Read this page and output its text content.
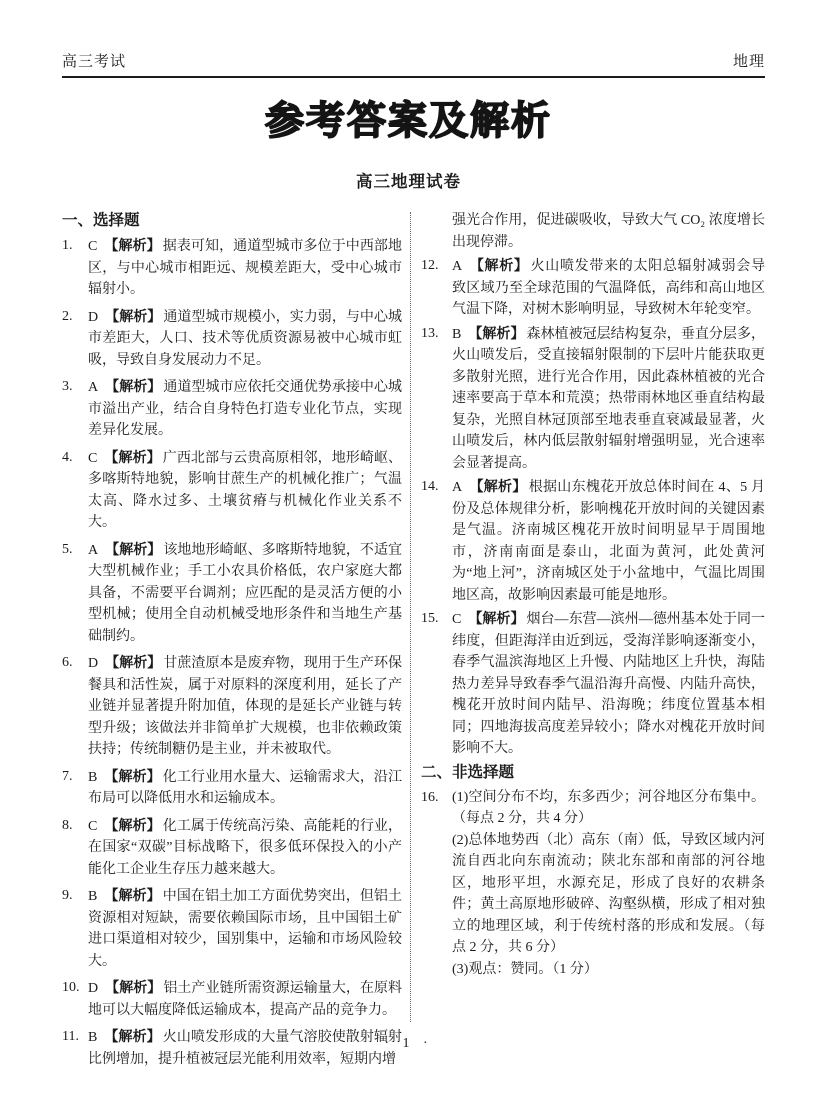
高三考试	地理
参考答案及解析
高三地理试卷
一、选择题
1.	C 【解析】 据表可知，通道型城市多位于中西部地区，与中心城市相距远、规模差距大，受中心城市辐射小。
2.	D 【解析】 通道型城市规模小，实力弱，与中心城市差距大，人口、技术等优质资源易被中心城市虹吸，导致自身发展动力不足。
3.	A 【解析】 通道型城市应依托交通优势承接中心城市溢出产业，结合自身特色打造专业化节点，实现差异化发展。
4.	C 【解析】 广西北部与云贵高原相邻，地形崎岖、多喀斯特地貌，影响甘蔗生产的机械化推广；气温太高、降水过多、土壤贫瘠与机械化作业关系不大。
5.	A 【解析】 该地地形崎岖、多喀斯特地貌，不适宜大型机械作业；手工小农具价格低，农户家庭大都具备，不需要平台调剂；应匹配的是灵活方便的小型机械；使用全自动机械受地形条件和当地生产基础制约。
6.	D 【解析】 甘蔗渣原本是废弃物，现用于生产环保餐具和活性炭，属于对原料的深度利用，延长了产业链并显著提升附加值，体现的是延长产业链与转型升级；该做法并非简单扩大规模，也非依赖政策扶持；传统制糖仍是主业，并未被取代。
7.	B 【解析】 化工行业用水量大、运输需求大，沿江布局可以降低用水和运输成本。
8.	C 【解析】 化工属于传统高污染、高能耗的行业，在国家“双碳”目标战略下，很多低环保投入的小产能化工企业生存压力越来越大。
9.	B 【解析】 中国在铝土加工方面优势突出，但铝土资源相对短缺，需要依赖国际市场，且中国铝土矿进口渠道相对较少，国别集中，运输和市场风险较大。
10. D 【解析】 铝土产业链所需资源运输量大，在原料地可以大幅度降低运输成本，提高产品的竞争力。
11. B 【解析】 火山喷发形成的大量气溶胶使散射辐射比例增加，提升植被冠层光能利用效率，短期内增
强光合作用，促进碳吸收，导致大气 CO₂ 浓度增长出现停滞。
12. A 【解析】 火山喷发带来的太阳总辐射减弱会导致区域乃至全球范围的气温降低，高纬和高山地区气温下降，对树木影响明显，导致树木年轮变窄。
13. B 【解析】 森林植被冠层结构复杂，垂直分层多，火山喷发后，受直接辐射限制的下层叶片能获取更多散射光照，进行光合作用，因此森林植被的光合速率要高于草本和荒漠；热带雨林地区垂直结构最复杂，光照自林冠顶部至地表垂直衰减最显著，火山喷发后，林内低层散射辐射增强明显，光合速率会显著提高。
14. A 【解析】 根据山东槐花开放总体时间在 4、5 月份及总体规律分析，影响槐花开放时间的关键因素是气温。济南城区槐花开放时间明显早于周围地市，济南南面是泰山，北面为黄河，此处黄河为“地上河”，济南城区处于小盆地中，气温比周围地区高，故影响因素最可能是地形。
15. C 【解析】 烟台—东营—滨州—德州基本处于同一纬度，但距海洋由近到远，受海洋影响逐渐变小，春季气温滨海地区上升慢、内陆地区上升快，海陆热力差异导致春季气温沿海升高慢、内陆升高快，槐花开放时间内陆早、沿海晚；纬度位置基本相同；四地海拔高度差异较小；降水对槐花开放时间影响不大。
二、非选择题
16. (1)空间分布不均，东多西少；河谷地区分布集中。（每点 2 分，共 4 分）

(2)总体地势西（北）高东（南）低，导致区域内河流自西北向东南流动；陕北东部和南部的河谷地区，地形平坦，水源充足，形成了良好的农耕条件；黄土高原地形破碎、沟壑纵横，形成了相对独立的地理区域，利于传统村落的形成和发展。（每点 2 分，共 6 分）

(3)观点：赞同。（1 分）

· 1 ·
